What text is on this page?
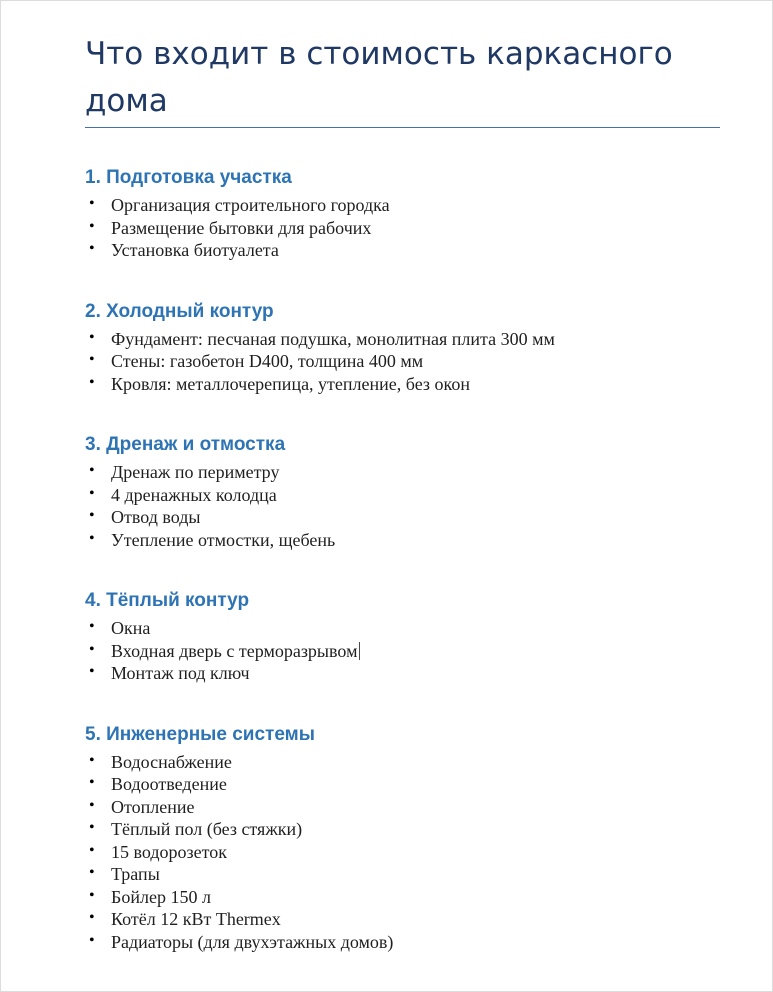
Что входит в стоимость каркасного дома
1. Подготовка участка
• Организация строительного городка
• Размещение бытовки для рабочих
• Установка биотуалета
2. Холодный контур
• Фундамент: песчаная подушка, монолитная плита 300 мм
• Стены: газобетон D400, толщина 400 мм
• Кровля: металлочерепица, утепление, без окон
3. Дренаж и отмостка
• Дренаж по периметру
• 4 дренажных колодца
• Отвод воды
• Утепление отмостки, щебень
4. Тёплый контур
• Окна
• Входная дверь с терморазрывом
• Монтаж под ключ
5. Инженерные системы
• Водоснабжение
• Водоотведение
• Отопление
• Тёплый пол (без стяжки)
• 15 водорозеток
• Трапы
• Бойлер 150 л
• Котёл 12 кВт Thermex
• Радиаторы (для двухэтажных домов)
